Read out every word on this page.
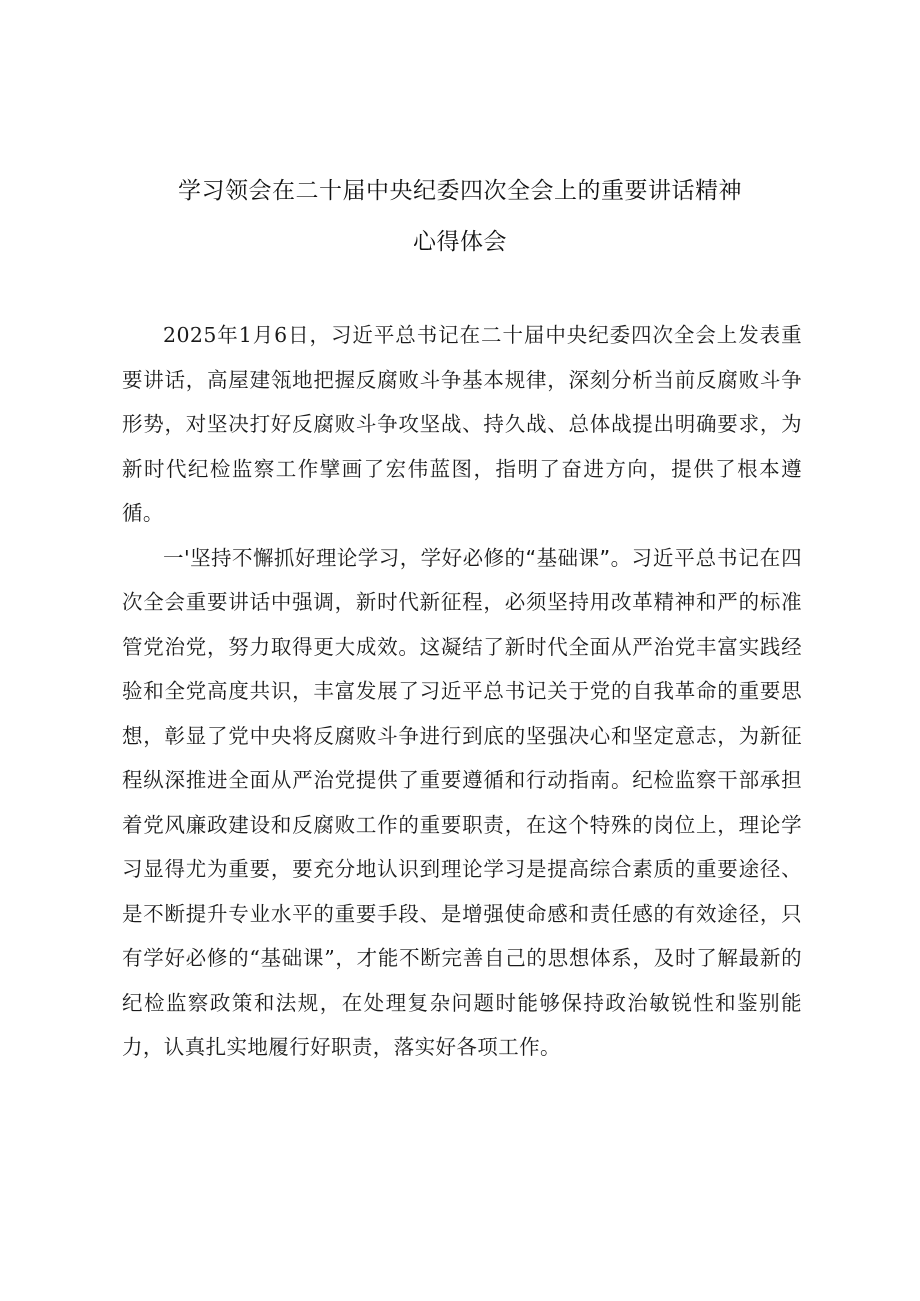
学习领会在二十届中央纪委四次全会上的重要讲话精神
心得体会

2025年1月6日，习近平总书记在二十届中央纪委四次全会上发表重要讲话，高屋建瓴地把握反腐败斗争基本规律，深刻分析当前反腐败斗争形势，对坚决打好反腐败斗争攻坚战、持久战、总体战提出明确要求，为新时代纪检监察工作擘画了宏伟蓝图，指明了奋进方向，提供了根本遵循。

一'坚持不懈抓好理论学习，学好必修的“基础课”。习近平总书记在四次全会重要讲话中强调，新时代新征程，必须坚持用改革精神和严的标准管党治党，努力取得更大成效。这凝结了新时代全面从严治党丰富实践经验和全党高度共识，丰富发展了习近平总书记关于党的自我革命的重要思想，彰显了党中央将反腐败斗争进行到底的坚强决心和坚定意志，为新征程纵深推进全面从严治党提供了重要遵循和行动指南。纪检监察干部承担着党风廉政建设和反腐败工作的重要职责，在这个特殊的岗位上，理论学习显得尤为重要，要充分地认识到理论学习是提高综合素质的重要途径、是不断提升专业水平的重要手段、是增强使命感和责任感的有效途径，只有学好必修的“基础课”，才能不断完善自己的思想体系，及时了解最新的纪检监察政策和法规，在处理复杂问题时能够保持政治敏锐性和鉴别能力，认真扎实地履行好职责，落实好各项工作。
